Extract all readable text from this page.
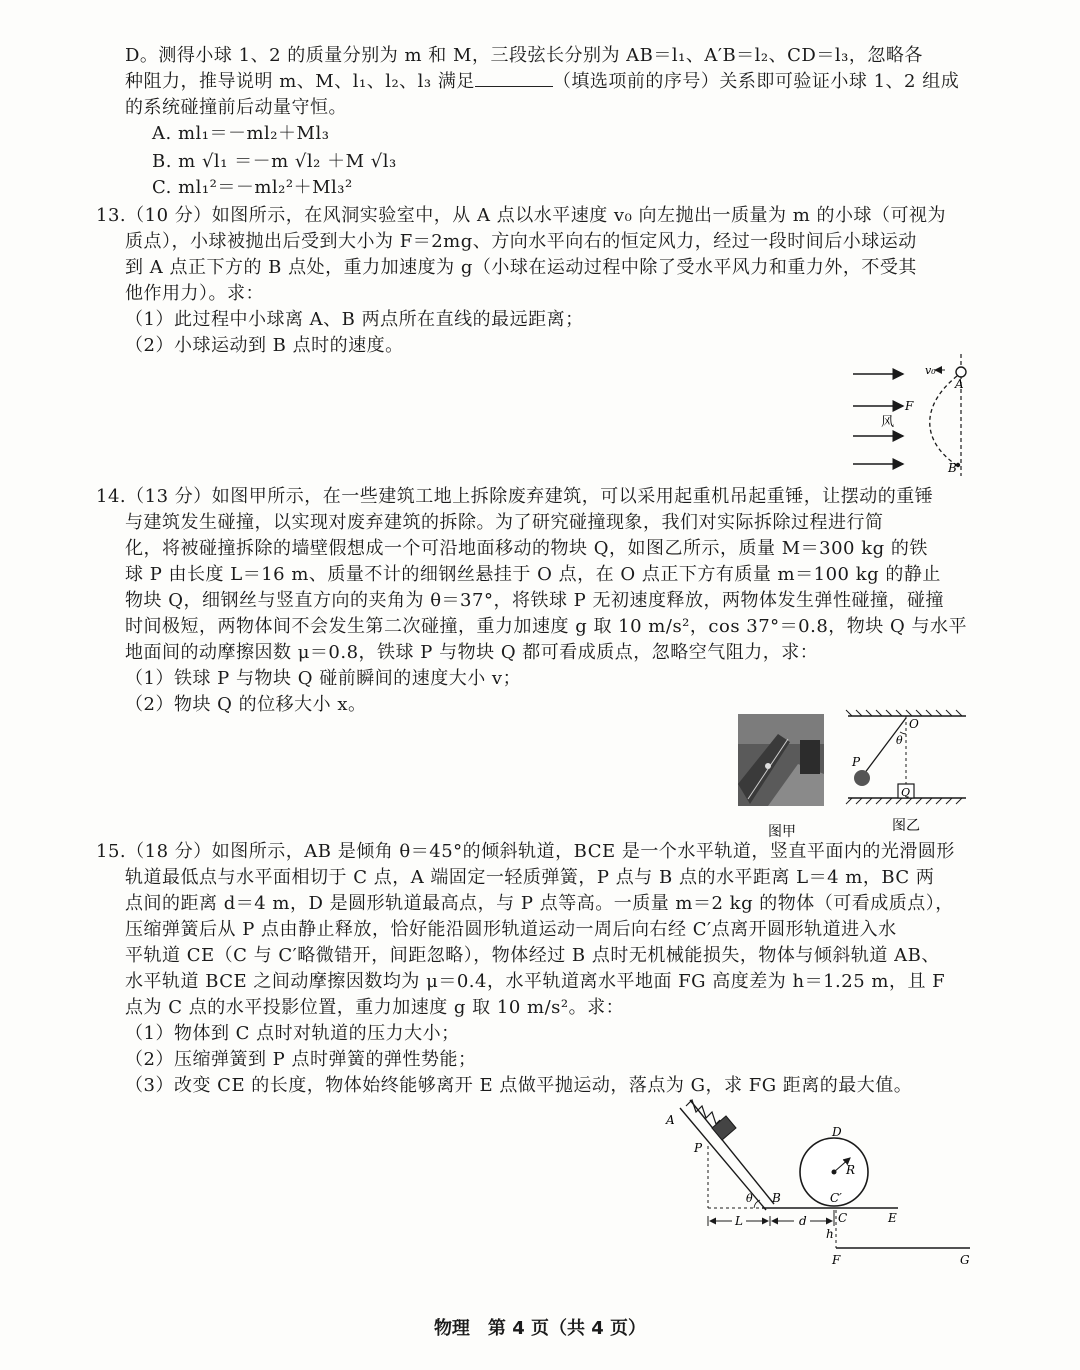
D。测得小球 1、2 的质量分别为 m 和 M，三段弦长分别为 AB＝l₁、A′B＝l₂、CD＝l₃，忽略各
种阻力，推导说明 m、M、l₁、l₂、l₃ 满足	（填选项前的序号）关系即可验证小球 1、2 组成
的系统碰撞前后动量守恒。
A. ml₁＝－ml₂＋Ml₃
B. m √l₁ ＝－m √l₂ ＋M √l₃
C. ml₁²＝－ml₂²＋Ml₃²
13.（10 分）如图所示，在风洞实验室中，从 A 点以水平速度 v₀ 向左抛出一质量为 m 的小球（可视为
质点），小球被抛出后受到大小为 F＝2mg、方向水平向右的恒定风力，经过一段时间后小球运动
到 A 点正下方的 B 点处，重力加速度为 g（小球在运动过程中除了受水平风力和重力外，不受其
他作用力）。求：
（1）此过程中小球离 A、B 两点所在直线的最远距离；
（2）小球运动到 B 点时的速度。
v₀
A
F
风
B
14.（13 分）如图甲所示，在一些建筑工地上拆除废弃建筑，可以采用起重机吊起重锤，让摆动的重锤
与建筑发生碰撞，以实现对废弃建筑的拆除。为了研究碰撞现象，我们对实际拆除过程进行简
化，将被碰撞拆除的墙壁假想成一个可沿地面移动的物块 Q，如图乙所示，质量 M＝300 kg 的铁
球 P 由长度 L＝16 m、质量不计的细钢丝悬挂于 O 点，在 O 点正下方有质量 m＝100 kg 的静止
物块 Q，细钢丝与竖直方向的夹角为 θ＝37°，将铁球 P 无初速度释放，两物体发生弹性碰撞，碰撞
时间极短，两物体间不会发生第二次碰撞，重力加速度 g 取 10 m/s²，cos 37°＝0.8，物块 Q 与水平
地面间的动摩擦因数 μ＝0.8，铁球 P 与物块 Q 都可看成质点，忽略空气阻力，求：
（1）铁球 P 与物块 Q 碰前瞬间的速度大小 v；
（2）物块 Q 的位移大小 x。
图甲
O
θ
P
Q
图乙
15.（18 分）如图所示，AB 是倾角 θ＝45°的倾斜轨道，BCE 是一个水平轨道，竖直平面内的光滑圆形
轨道最低点与水平面相切于 C 点，A 端固定一轻质弹簧，P 点与 B 点的水平距离 L＝4 m，BC 两
点间的距离 d＝4 m，D 是圆形轨道最高点，与 P 点等高。一质量 m＝2 kg 的物体（可看成质点），
压缩弹簧后从 P 点由静止释放，恰好能沿圆形轨道运动一周后向右经 C′点离开圆形轨道进入水
平轨道 CE（C 与 C′略微错开，间距忽略），物体经过 B 点时无机械能损失，物体与倾斜轨道 AB、
水平轨道 BCE 之间动摩擦因数均为 μ＝0.4，水平轨道离水平地面 FG 高度差为 h＝1.25 m，且 F
点为 C 点的水平投影位置，重力加速度 g 取 10 m/s²。求：
（1）物体到 C 点时对轨道的压力大小；
（2）压缩弹簧到 P 点时弹簧的弹性势能；
（3）改变 CE 的长度，物体始终能够离开 E 点做平抛运动，落点为 G，求 FG 距离的最大值。
A
P
θ B
D
R
C′
C	E
L	d
h
F	G
物理　第 4 页（共 4 页）
